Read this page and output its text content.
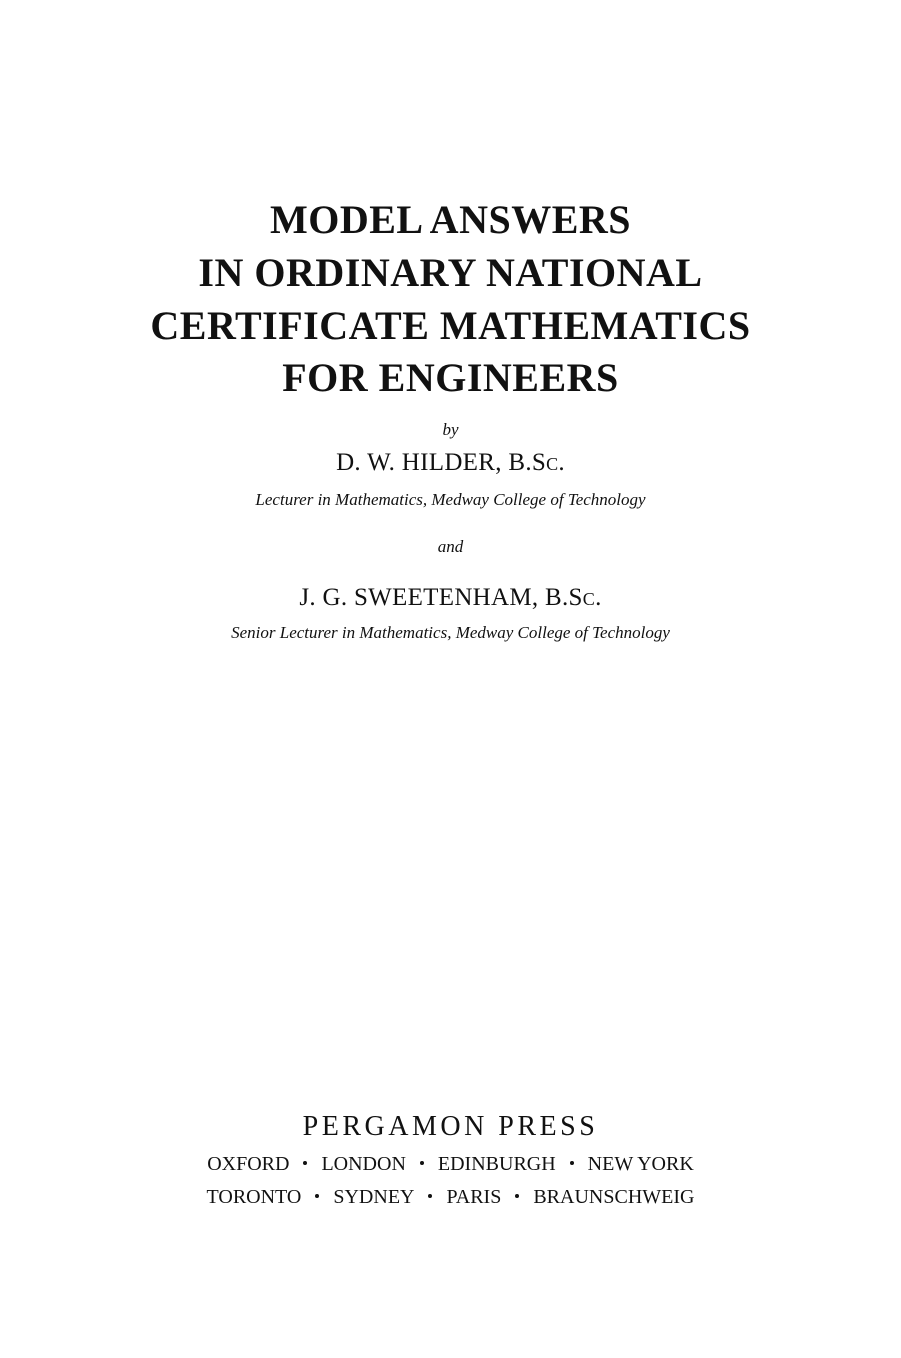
MODEL ANSWERS
IN ORDINARY NATIONAL
CERTIFICATE MATHEMATICS
FOR ENGINEERS
by
D. W. HILDER, B.Sc.
Lecturer in Mathematics, Medway College of Technology
and
J. G. SWEETENHAM, B.Sc.
Senior Lecturer in Mathematics, Medway College of Technology
PERGAMON PRESS
OXFORD LONDON EDINBURGH NEW YORK
TORONTO SYDNEY PARIS BRAUNSCHWEIG
